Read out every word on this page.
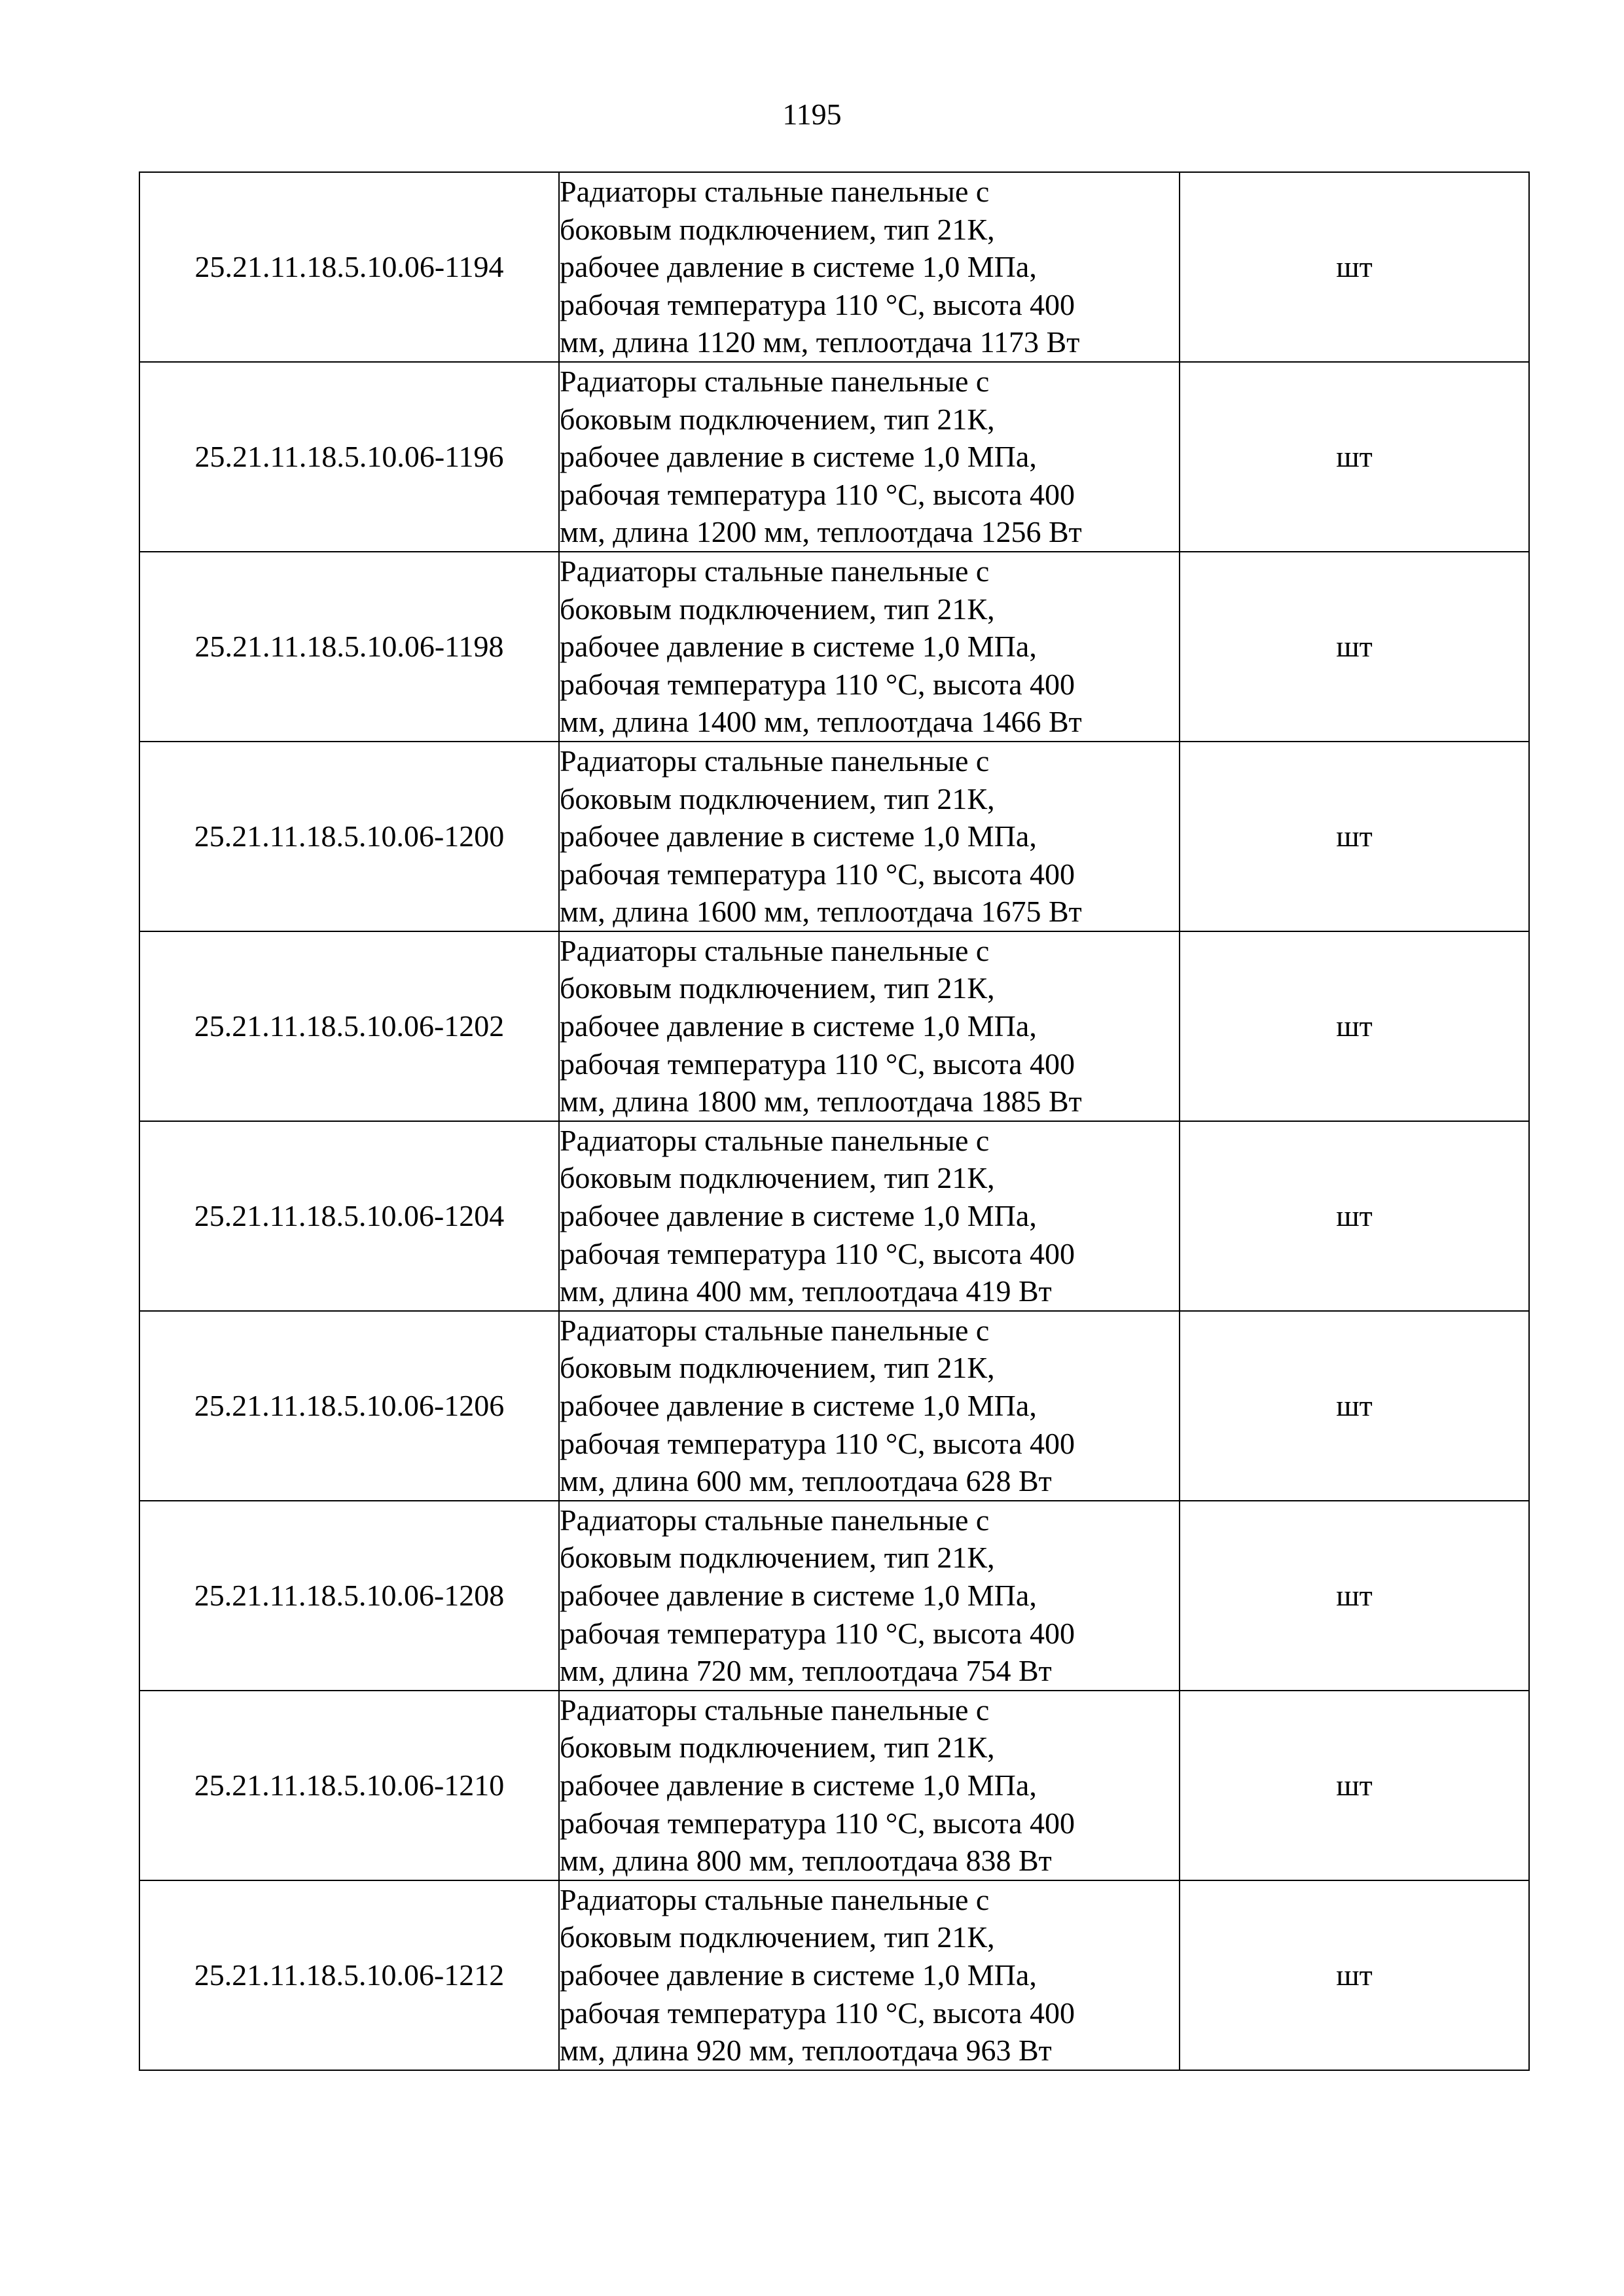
1195
25.21.11.18.5.10.06-1194	Радиаторы стальные панельные с
боковым подключением, тип 21К,
рабочее давление в системе 1,0 МПа,
рабочая температура 110 °С, высота 400
мм, длина 1120 мм, теплоотдача 1173 Вт	шт
25.21.11.18.5.10.06-1196	Радиаторы стальные панельные с
боковым подключением, тип 21К,
рабочее давление в системе 1,0 МПа,
рабочая температура 110 °С, высота 400
мм, длина 1200 мм, теплоотдача 1256 Вт	шт
25.21.11.18.5.10.06-1198	Радиаторы стальные панельные с
боковым подключением, тип 21К,
рабочее давление в системе 1,0 МПа,
рабочая температура 110 °С, высота 400
мм, длина 1400 мм, теплоотдача 1466 Вт	шт
25.21.11.18.5.10.06-1200	Радиаторы стальные панельные с
боковым подключением, тип 21К,
рабочее давление в системе 1,0 МПа,
рабочая температура 110 °С, высота 400
мм, длина 1600 мм, теплоотдача 1675 Вт	шт
25.21.11.18.5.10.06-1202	Радиаторы стальные панельные с
боковым подключением, тип 21К,
рабочее давление в системе 1,0 МПа,
рабочая температура 110 °С, высота 400
мм, длина 1800 мм, теплоотдача 1885 Вт	шт
25.21.11.18.5.10.06-1204	Радиаторы стальные панельные с
боковым подключением, тип 21К,
рабочее давление в системе 1,0 МПа,
рабочая температура 110 °С, высота 400
мм, длина 400 мм, теплоотдача 419 Вт	шт
25.21.11.18.5.10.06-1206	Радиаторы стальные панельные с
боковым подключением, тип 21К,
рабочее давление в системе 1,0 МПа,
рабочая температура 110 °С, высота 400
мм, длина 600 мм, теплоотдача 628 Вт	шт
25.21.11.18.5.10.06-1208	Радиаторы стальные панельные с
боковым подключением, тип 21К,
рабочее давление в системе 1,0 МПа,
рабочая температура 110 °С, высота 400
мм, длина 720 мм, теплоотдача 754 Вт	шт
25.21.11.18.5.10.06-1210	Радиаторы стальные панельные с
боковым подключением, тип 21К,
рабочее давление в системе 1,0 МПа,
рабочая температура 110 °С, высота 400
мм, длина 800 мм, теплоотдача 838 Вт	шт
25.21.11.18.5.10.06-1212	Радиаторы стальные панельные с
боковым подключением, тип 21К,
рабочее давление в системе 1,0 МПа,
рабочая температура 110 °С, высота 400
мм, длина 920 мм, теплоотдача 963 Вт	шт
